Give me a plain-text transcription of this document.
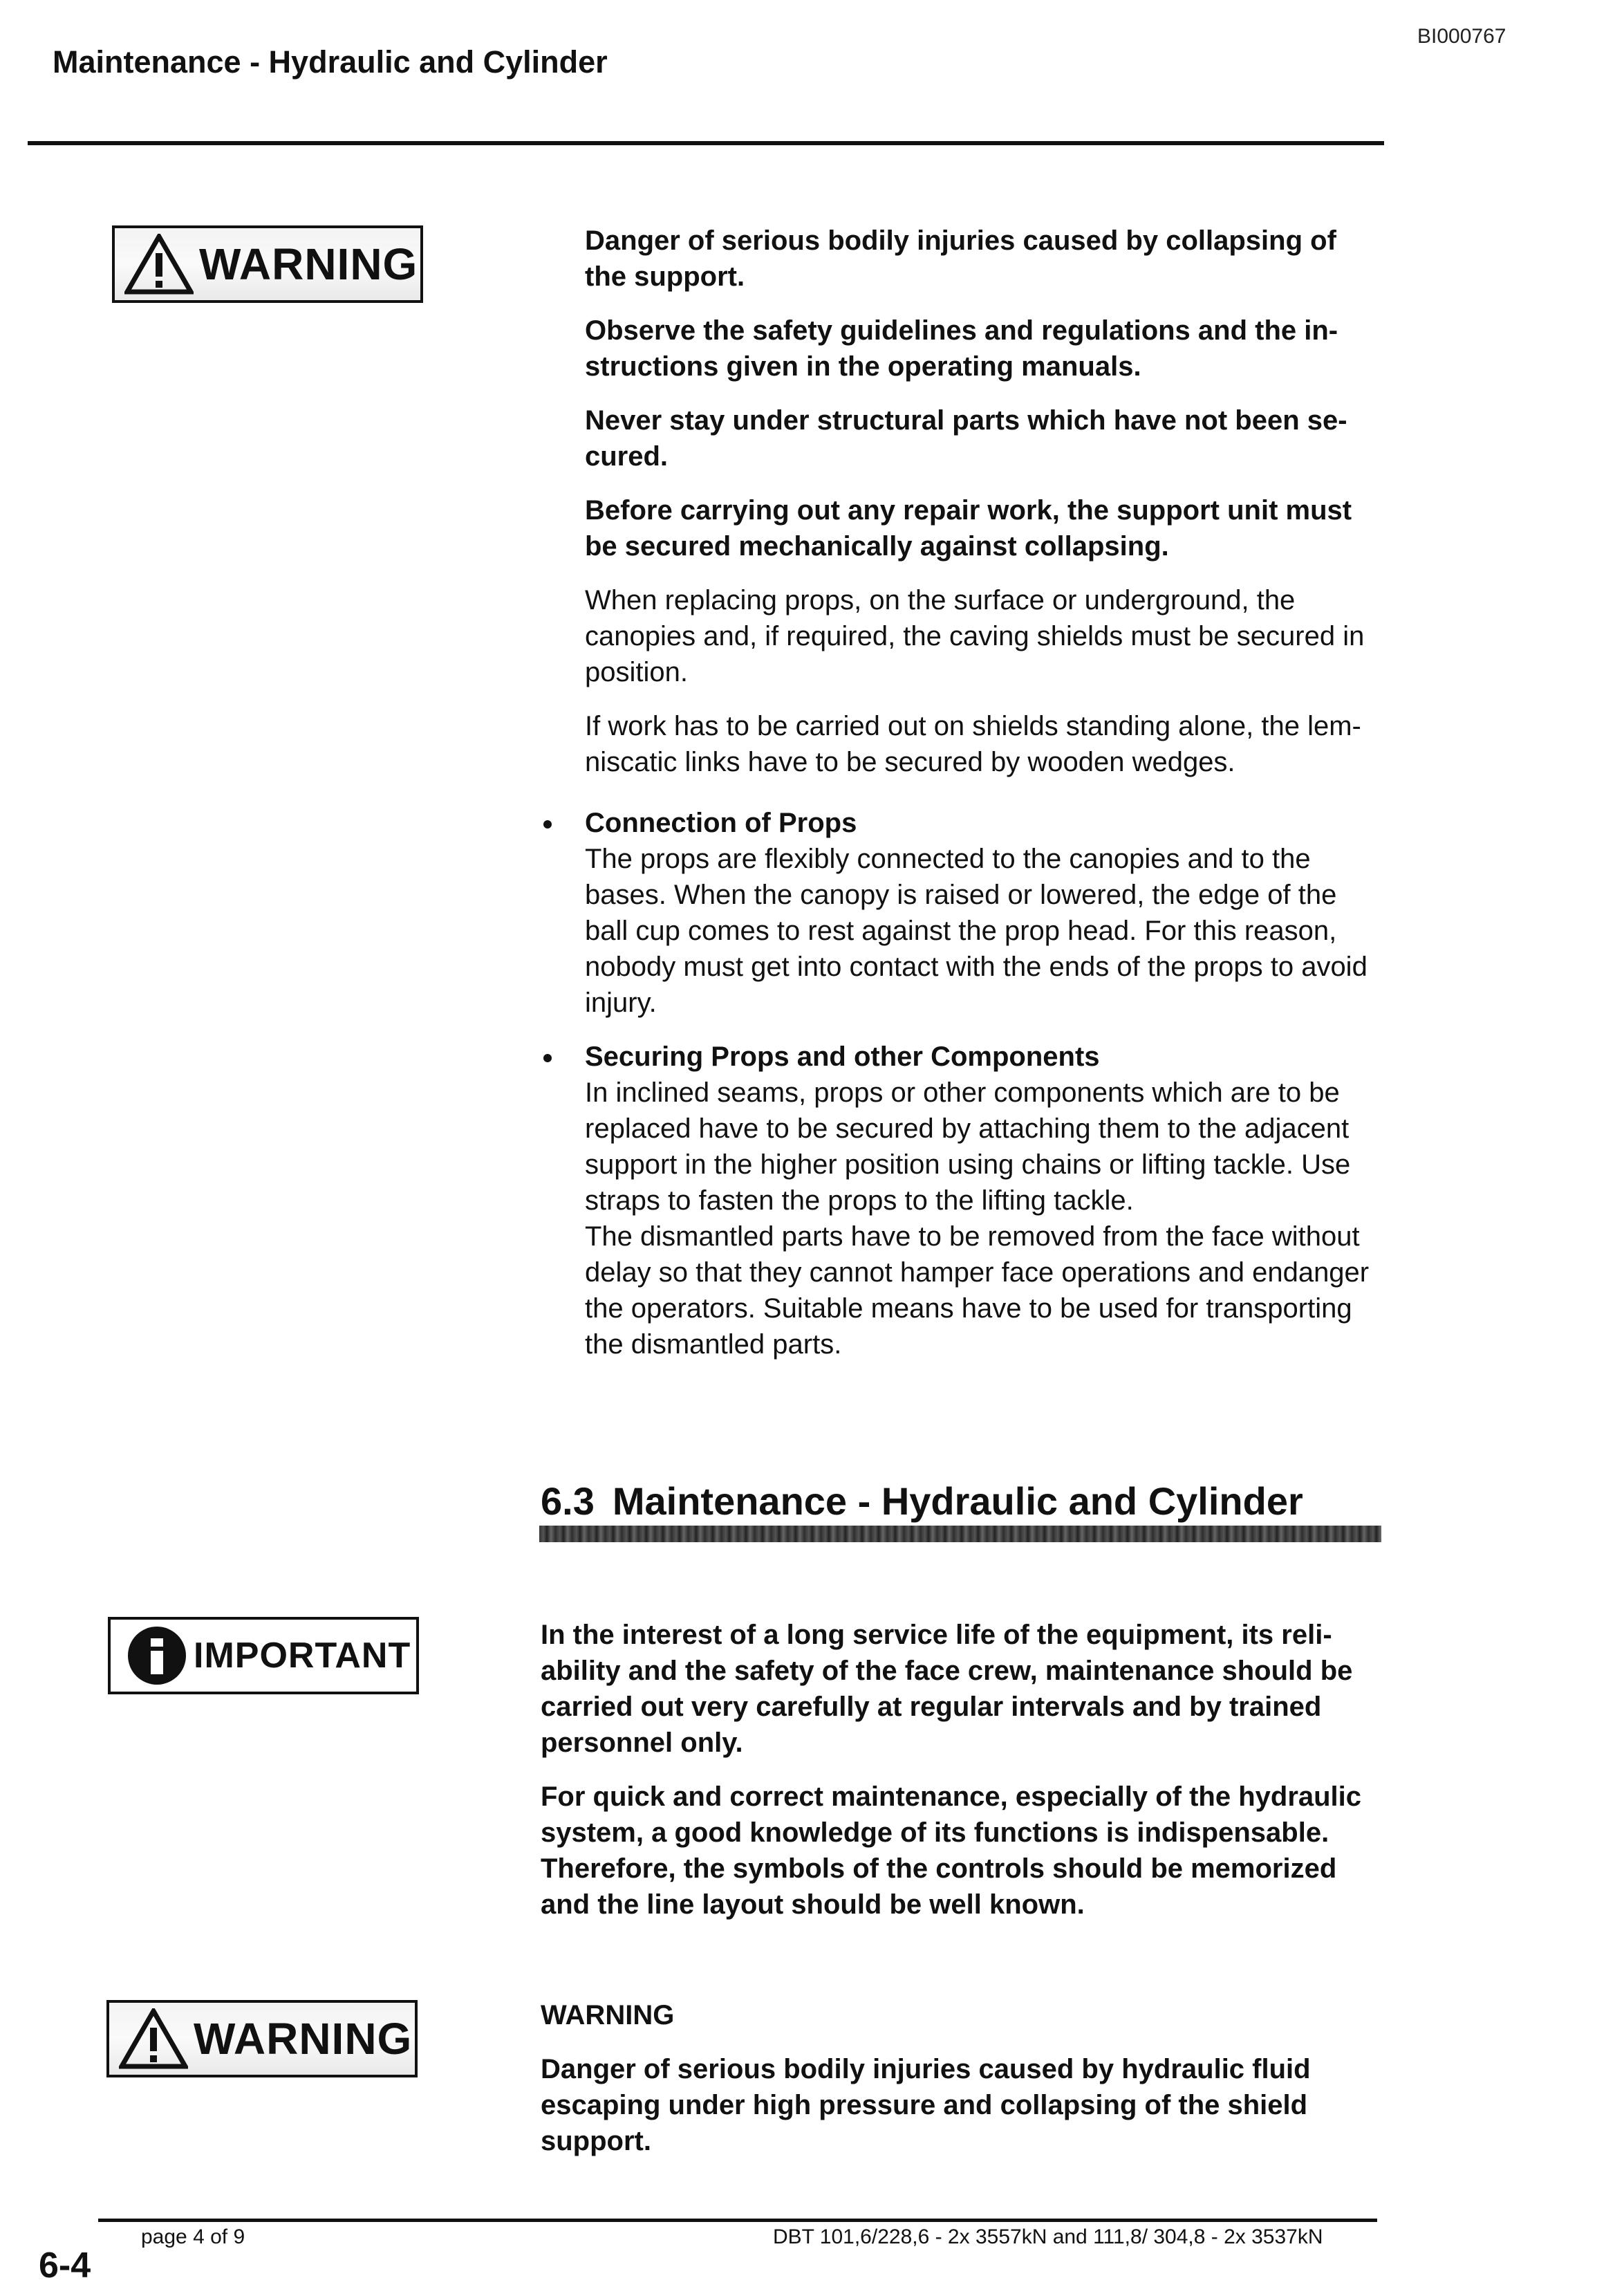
BI000767
Maintenance - Hydraulic and Cylinder
WARNING	Danger of serious bodily injuries caused by collapsing of the support.

Observe the safety guidelines and regulations and the in-structions given in the operating manuals.

Never stay under structural parts which have not been se-cured.

Before carrying out any repair work, the support unit must be secured mechanically against collapsing.

When replacing props, on the surface or underground, the canopies and, if required, the caving shields must be secured in position.

If work has to be carried out on shields standing alone, the lem-niscatic links have to be secured by wooden wedges.

Connection of Props
The props are flexibly connected to the canopies and to the bases. When the canopy is raised or lowered, the edge of the ball cup comes to rest against the prop head. For this reason, nobody must get into contact with the ends of the props to avoid injury.
Securing Props and other Components
In inclined seams, props or other components which are to be replaced have to be secured by attaching them to the adjacent support in the higher position using chains or lifting tackle. Use straps to fasten the props to the lifting tackle.
The dismantled parts have to be removed from the face without delay so that they cannot hamper face operations and endanger the operators. Suitable means have to be used for transporting the dismantled parts.
6.3 Maintenance - Hydraulic and Cylinder
IMPORTANT

In the interest of a long service life of the equipment, its reli-ability and the safety of the face crew, maintenance should be carried out very carefully at regular intervals and by trained personnel only.

For quick and correct maintenance, especially of the hydraulic system, a good knowledge of its functions is indispensable. Therefore, the symbols of the controls should be memorized and the line layout should be well known.

WARNING	WARNING

Danger of serious bodily injuries caused by hydraulic fluid escaping under high pressure and collapsing of the shield support.

page 4 of 9	DBT 101,6/228,6 - 2x 3557kN and 111,8/ 304,8 - 2x 3537kN
6-4
